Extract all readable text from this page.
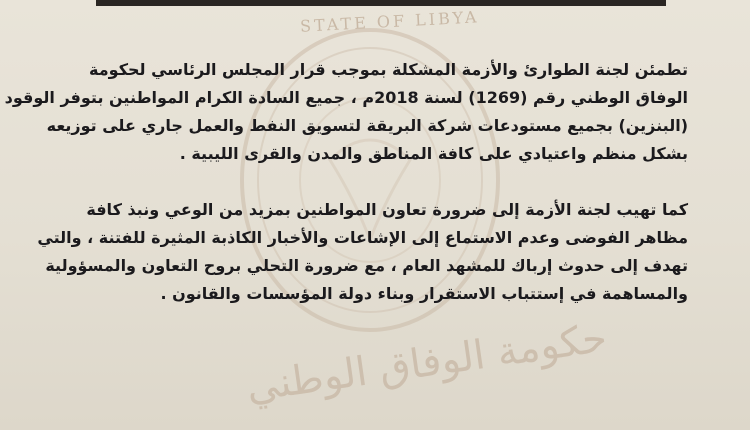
STATE OF LIBYA
حكومة الوفاق الوطني
تطمئن لجنة الطوارئ والأزمة المشكلة بموجب قرار المجلس الرئاسي لحكومة
الوفاق الوطني رقم (1269) لسنة 2018م ، جميع السادة الكرام المواطنين بتوفر الوقود
(البنزين) بجميع مستودعات شركة البريقة لتسويق النفط والعمل جاري على توزيعه
بشكل منظم واعتيادي على كافة المناطق والمدن والقرى الليبية .
كما تهيب لجنة الأزمة إلى ضرورة تعاون المواطنين بمزيد من الوعي ونبذ كافة
مظاهر الفوضى وعدم الاستماع إلى الإشاعات والأخبار الكاذبة المثيرة للفتنة ، والتي
تهدف إلى حدوث إرباك للمشهد العام ، مع ضرورة التحلي بروح التعاون والمسؤولية
والمساهمة في إستتباب الاستقرار وبناء دولة المؤسسات والقانون .
